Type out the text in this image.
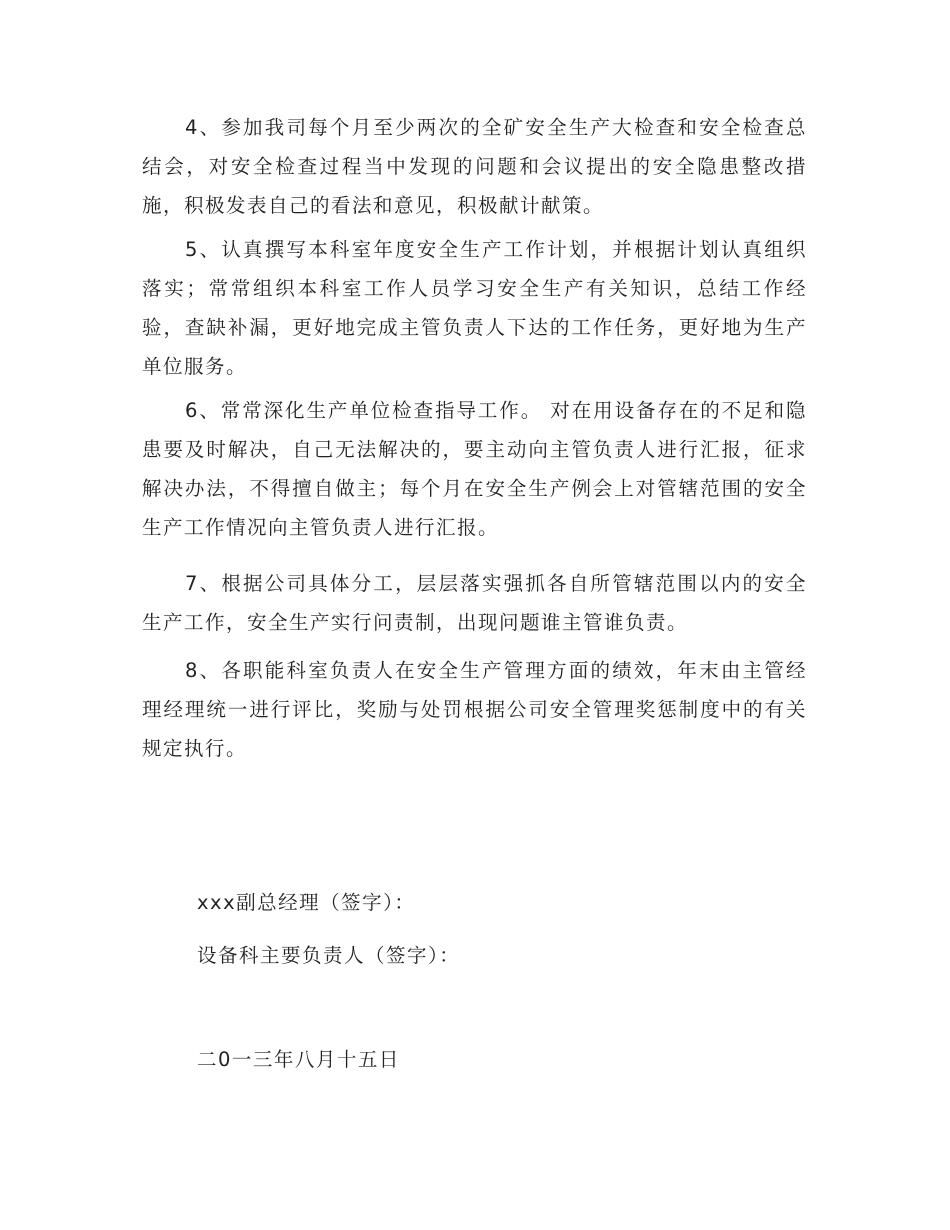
4、参加我司每个月至少两次的全矿安全生产大检查和安全检查总结会，对安全检查过程当中发现的问题和会议提出的安全隐患整改措施，积极发表自己的看法和意见，积极献计献策。

5、认真撰写本科室年度安全生产工作计划，并根据计划认真组织落实；常常组织本科室工作人员学习安全生产有关知识，总结工作经验，查缺补漏，更好地完成主管负责人下达的工作任务，更好地为生产单位服务。

6、常常深化生产单位检查指导工作。 对在用设备存在的不足和隐患要及时解决，自己无法解决的，要主动向主管负责人进行汇报，征求解决办法，不得擅自做主；每个月在安全生产例会上对管辖范围的安全生产工作情况向主管负责人进行汇报。

7、根据公司具体分工，层层落实强抓各自所管辖范围以内的安全生产工作，安全生产实行问责制，出现问题谁主管谁负责。

8、各职能科室负责人在安全生产管理方面的绩效，年末由主管经理经理统一进行评比，奖励与处罚根据公司安全管理奖惩制度中的有关规定执行。

xxx副总经理（签字）：

设备科主要负责人（签字）：

二0一三年八月十五日
